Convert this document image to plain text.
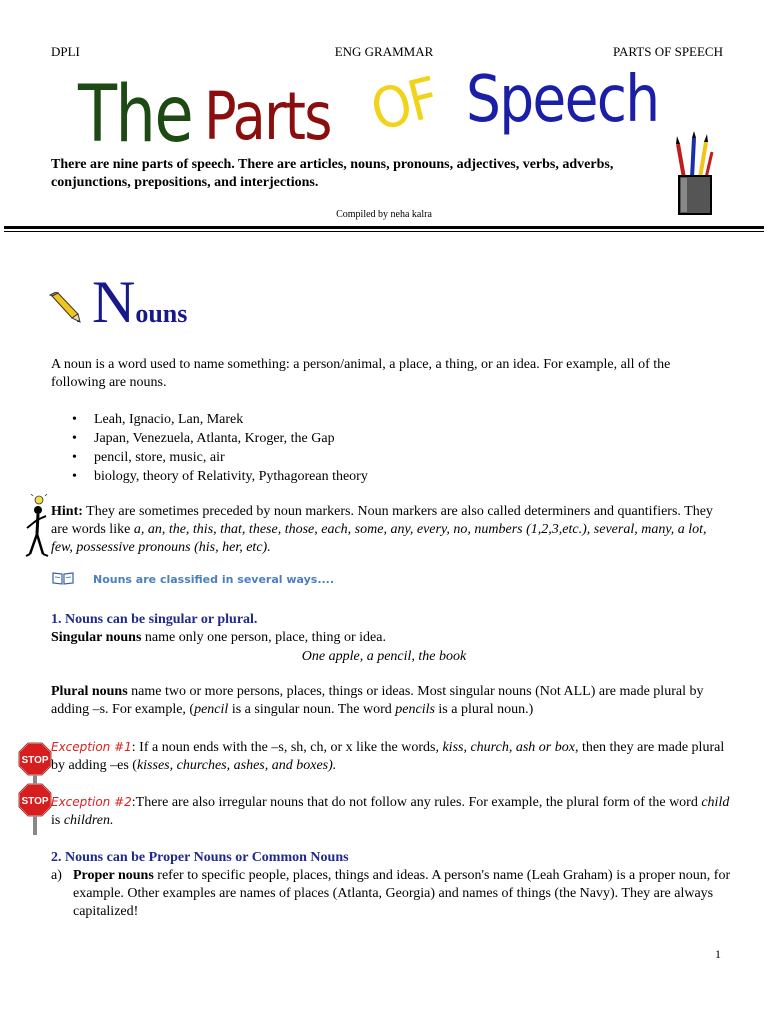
DPLI	ENG GRAMMAR	PARTS OF SPEECH
The Parts OF Speech
There are nine parts of speech. There are articles, nouns, pronouns, adjectives, verbs, adverbs, conjunctions, prepositions, and interjections.
Compiled by neha kalra
Nouns

A noun is a word used to name something: a person/animal, a place, a thing, or an idea. For example, all of the following are nouns.

• Leah, Ignacio, Lan, Marek
• Japan, Venezuela, Atlanta, Kroger, the Gap
• pencil, store, music, air
• biology, theory of Relativity, Pythagorean theory

Hint: They are sometimes preceded by noun markers. Noun markers are also called determiners and quantifiers. They are words like a, an, the, this, that, these, those, each, some, any, every, no, numbers (1,2,3,etc.), several, many, a lot, few, possessive pronouns (his, her, etc).

Nouns are classified in several ways....
1. Nouns can be singular or plural.

Singular nouns name only one person, place, thing or idea.

One apple, a pencil, the book

Plural nouns name two or more persons, places, things or ideas. Most singular nouns (Not ALL) are made plural by adding –s. For example, (pencil is a singular noun. The word pencils is a plural noun.)

STOP
STOP

Exception #1: If a noun ends with the –s, sh, ch, or x like the words, kiss, church, ash or box, then they are made plural by adding –es (kisses, churches, ashes, and boxes).

Exception #2:There are also irregular nouns that do not follow any rules. For example, the plural form of the word child is children.

2. Nouns can be Proper Nouns or Common Nouns
a) Proper nouns refer to specific people, places, things and ideas. A person's name (Leah Graham) is a proper noun, for example. Other examples are names of places (Atlanta, Georgia) and names of things (the Navy). They are always capitalized!

1
